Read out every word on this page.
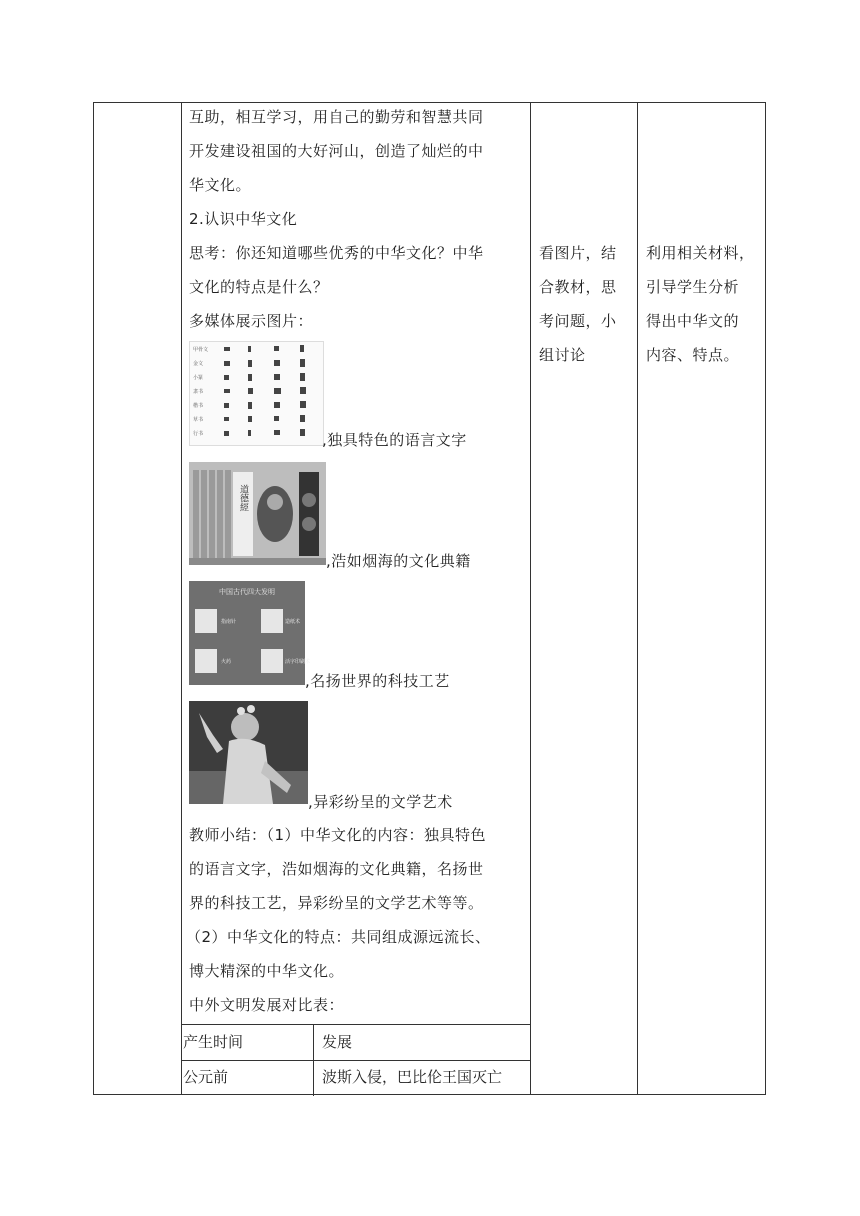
互助，相互学习，用自己的勤劳和智慧共同
开发建设祖国的大好河山，创造了灿烂的中
华文化。
2.认识中华文化
思考：你还知道哪些优秀的中华文化？中华
文化的特点是什么？
多媒体展示图片：
甲骨文
金文
小篆
隶书
楷书
草书
行书	,独具特色的语言文字
道德經
,浩如烟海的文化典籍
中国古代四大发明
指南针	造纸术
火药	活字印刷术
,名扬世界的科技工艺
,异彩纷呈的文学艺术
教师小结：（1）中华文化的内容：独具特色
的语言文字，浩如烟海的文化典籍，名扬世
界的科技工艺，异彩纷呈的文学艺术等等。
（2）中华文化的特点：共同组成源远流长、
博大精深的中华文化。
中外文明发展对比表：
产生时间	发展
公元前	波斯入侵，巴比伦王国灭亡
看图片，结
合教材，思
考问题，小
组讨论
利用相关材料，
引导学生分析
得出中华文的
内容、特点。
